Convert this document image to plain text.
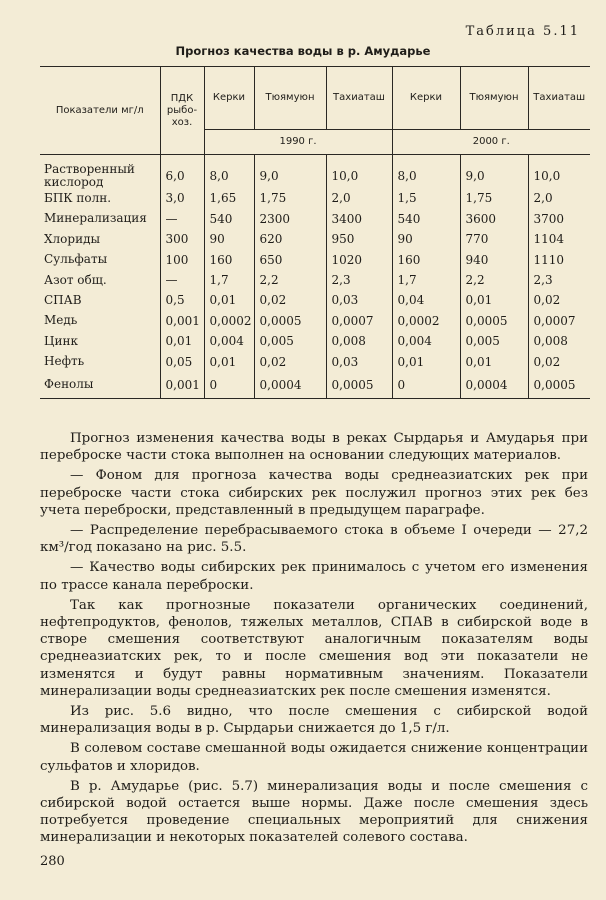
Таблица 5.11
Прогноз качества воды в р. Амударье
Показатели мг/л	ПДК рыбо-хоз.	Керки	Тюямуюн	Тахиаташ	Керки	Тюямуюн	Тахиаташ
		1990 г.			2000 г.		
Растворенный кислород	6,0	8,0	9,0	10,0	8,0	9,0	10,0
БПК полн.	3,0	1,65	1,75	2,0	1,5	1,75	2,0
Минерализация	—	540	2300	3400	540	3600	3700
Хлориды	300	90	620	950	90	770	1104
Сульфаты	100	160	650	1020	160	940	1110
Азот общ.	—	1,7	2,2	2,3	1,7	2,2	2,3
СПАВ	0,5	0,01	0,02	0,03	0,04	0,01	0,02
Медь	0,001	0,0002	0,0005	0,0007	0,0002	0,0005	0,0007
Цинк	0,01	0,004	0,005	0,008	0,004	0,005	0,008
Нефть	0,05	0,01	0,02	0,03	0,01	0,01	0,02
Фенолы	0,001	0	0,0004	0,0005	0	0,0004	0,0005

Прогноз изменения качества воды в реках Сырдарья и Амударья при переброске части стока выполнен на основании следующих материалов.

— Фоном для прогноза качества воды среднеазиатских рек при переброске части стока сибирских рек послужил прогноз этих рек без учета переброски, представленный в предыдущем параграфе.

— Распределение перебрасываемого стока в объеме I очереди — 27,2 км³/год показано на рис. 5.5.

— Качество воды сибирских рек принималось с учетом его изменения по трассе канала переброски.

Так как прогнозные показатели органических соединений, нефтепродуктов, фенолов, тяжелых металлов, СПАВ в сибирской воде в створе смешения соответствуют аналогичным показателям воды среднеазиатских рек, то и после смешения вод эти показатели не изменятся и будут равны нормативным значениям. Показатели минерализации воды среднеазиатских рек после смешения изменятся.

Из рис. 5.6 видно, что после смешения с сибирской водой минерализация воды в р. Сырдарьи снижается до 1,5 г/л.

В солевом составе смешанной воды ожидается снижение концентрации сульфатов и хлоридов.

В р. Амударье (рис. 5.7) минерализация воды и после смешения с сибирской водой остается выше нормы. Даже после смешения здесь потребуется проведение специальных мероприятий для снижения минерализации и некоторых показателей солевого состава.

280
